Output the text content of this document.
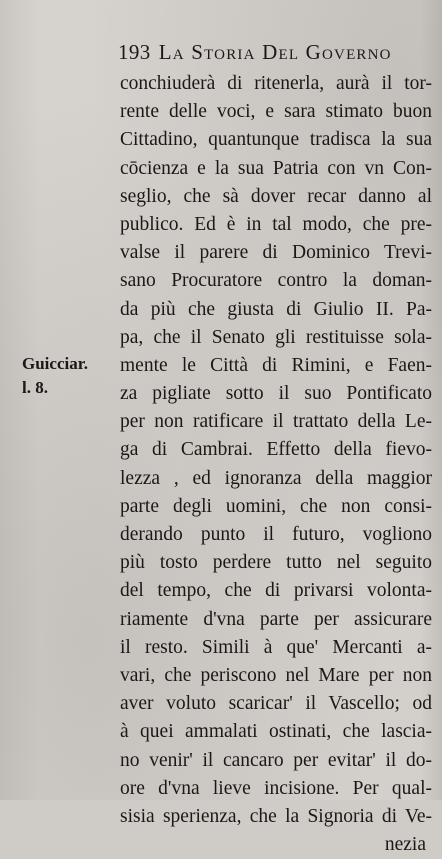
193 La Storia Del Governo
Guicciar.
l. 8.
conchiuderà di ritenerla, aurà il tor-
rente delle voci, e sara stimato buon
Cittadino, quantunque tradisca la sua
cōcienza e la sua Patria con vn Con-
seglio, che sà dover recar danno al
publico. Ed è in tal modo, che pre-
valse il parere di Dominico Trevi-
sano Procuratore contro la doman-
da più che giusta di Giulio II. Pa-
pa, che il Senato gli restituisse sola-
mente le Città di Rimini, e Faen-
za pigliate sotto il suo Pontificato
per non ratificare il trattato della Le-
ga di Cambrai. Effetto della fievo-
lezza , ed ignoranza della maggior
parte degli uomini, che non consi-
derando punto il futuro, vogliono
più tosto perdere tutto nel seguito
del tempo, che di privarsi volonta-
riamente d'vna parte per assicurare
il resto. Simili à que' Mercanti a-
vari, che periscono nel Mare per non
aver voluto scaricar' il Vascello; od
à quei ammalati ostinati, che lascia-
no venir' il cancaro per evitar' il do-
ore d'vna lieve incisione. Per qual-
sisia sperienza, che la Signoria di Ve-
nezia
